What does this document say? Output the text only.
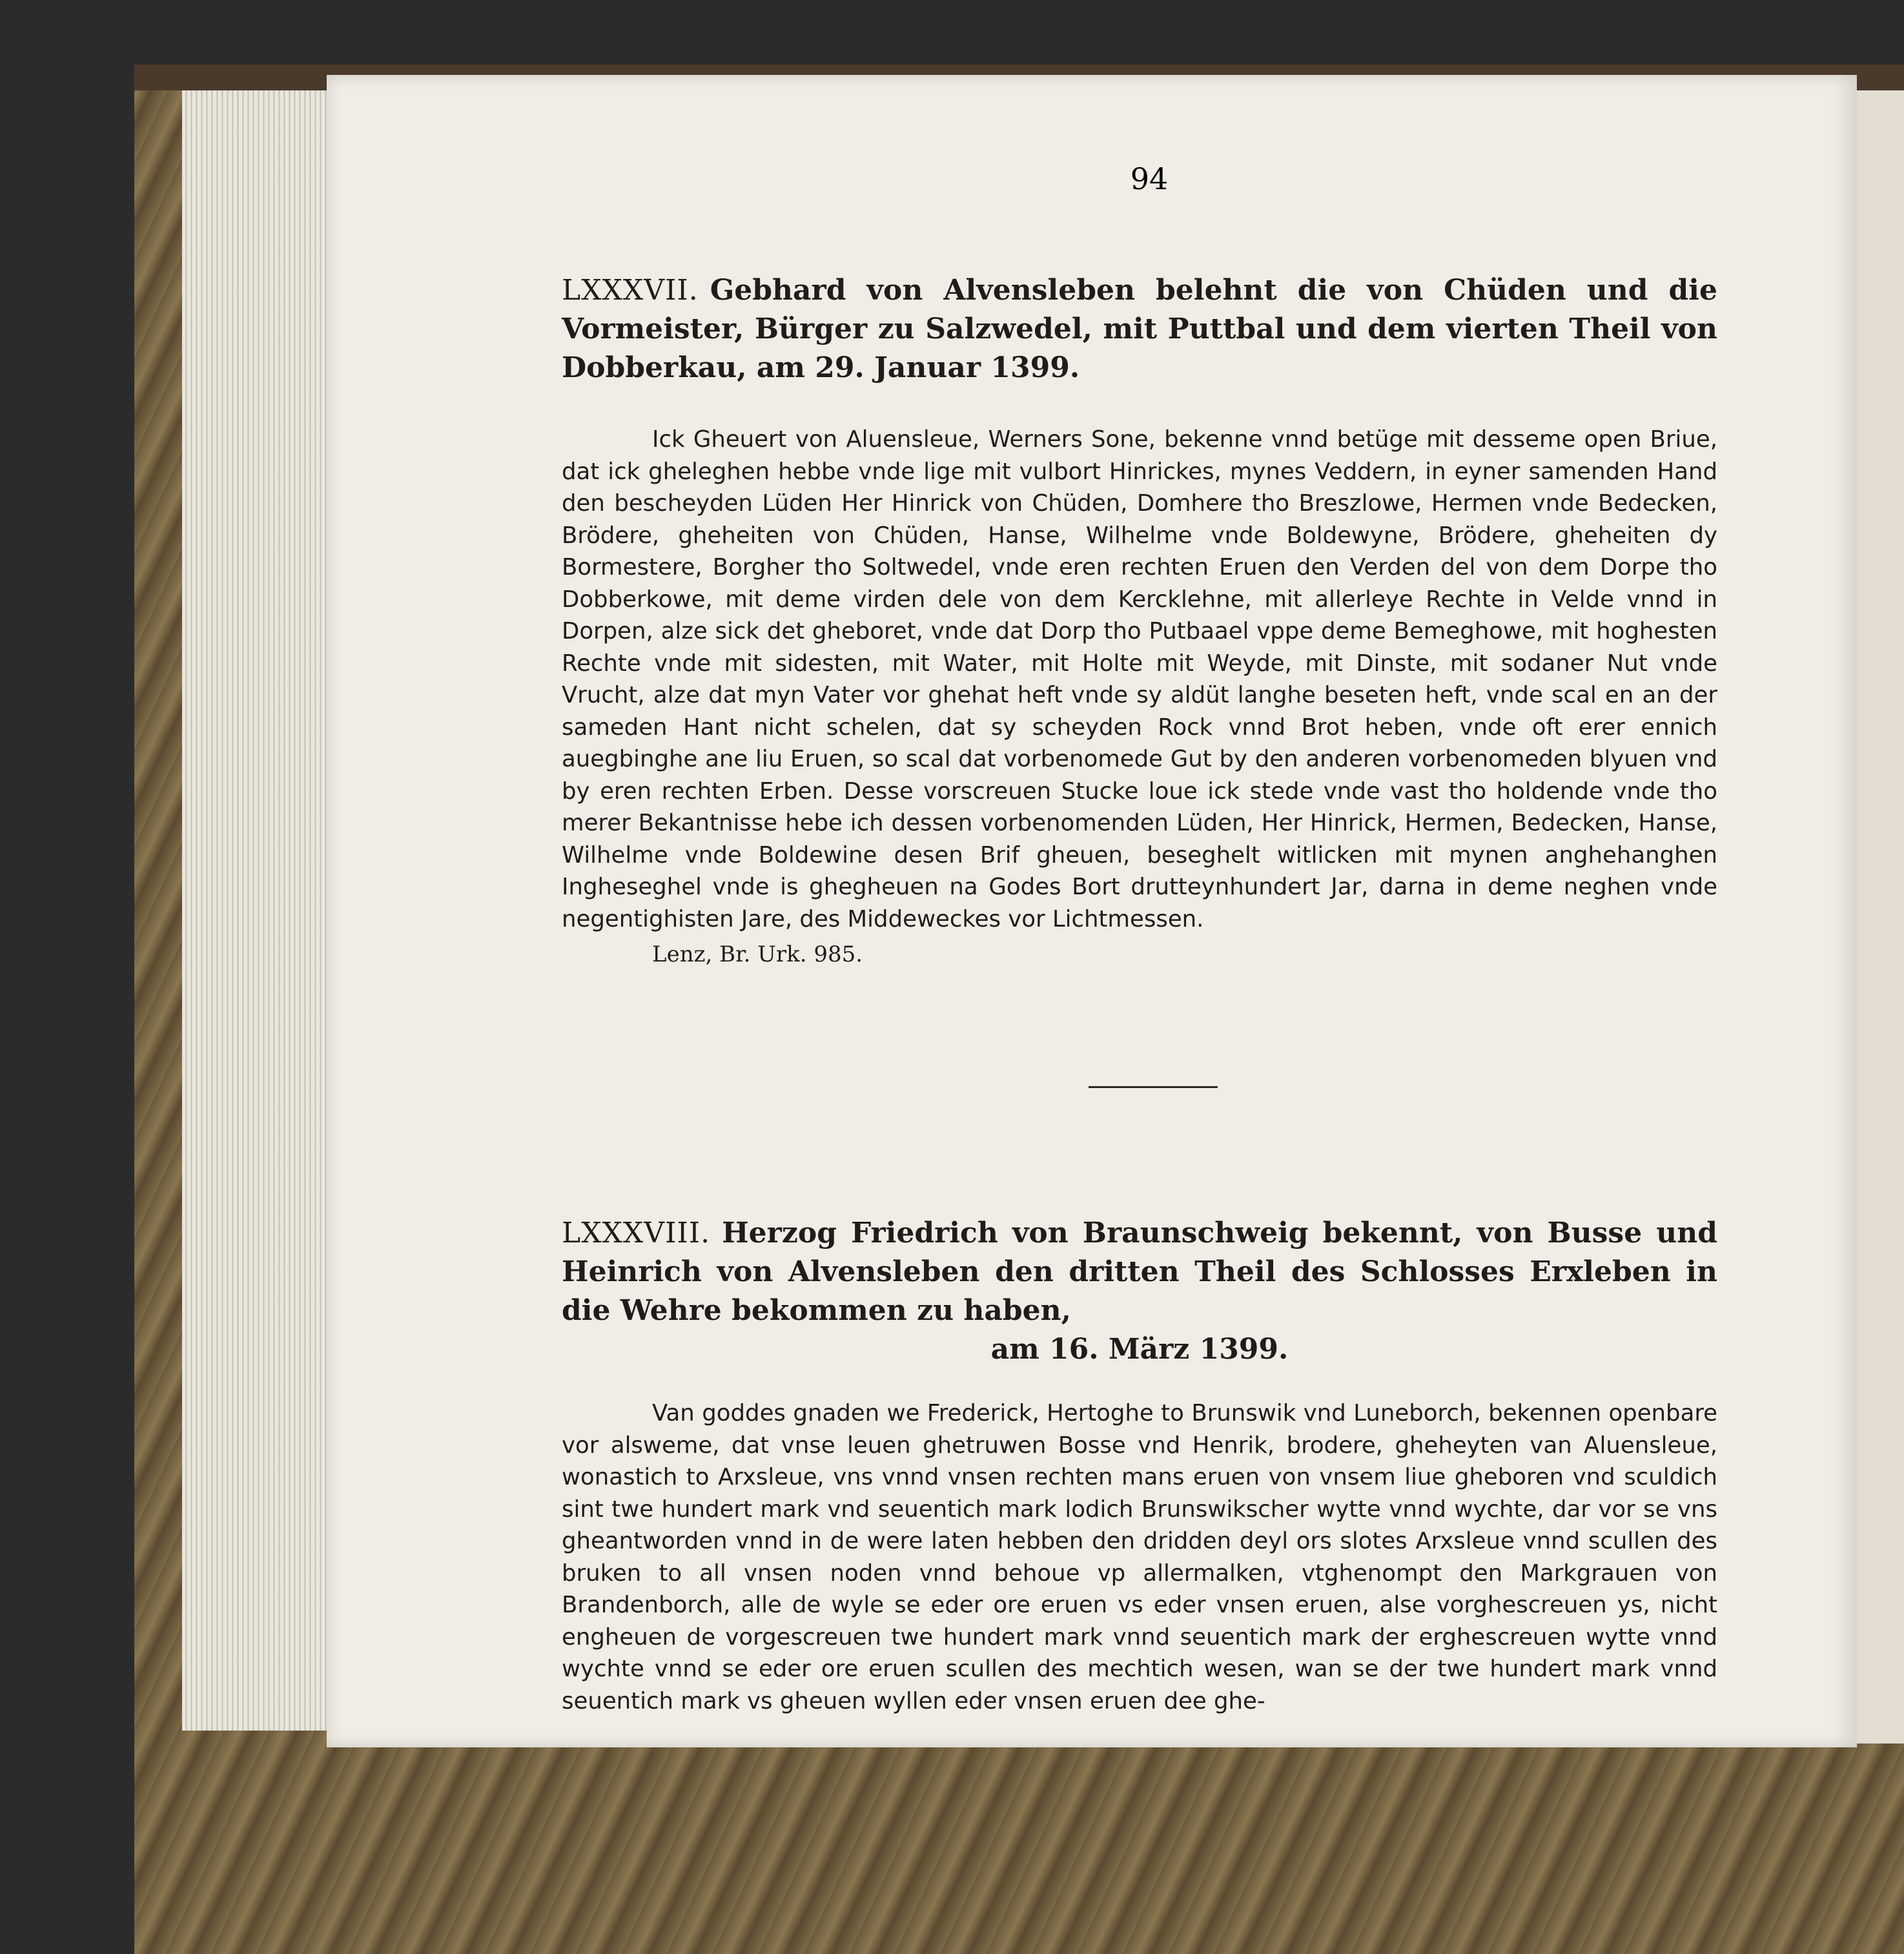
94
LXXXVII. Gebhard von Alvensleben belehnt die von Chüden und die Vormeister, Bürger zu Salzwedel, mit Puttbal und dem vierten Theil von Dobberkau, am 29. Januar 1399.
Ick Gheuert von Aluensleue, Werners Sone, bekenne vnnd betüge mit desseme open Briue, dat ick gheleghen hebbe vnde lige mit vulbort Hinrickes, mynes Veddern, in eyner samenden Hand den bescheyden Lüden Her Hinrick von Chüden, Domhere tho Breszlowe, Hermen vnde Bedecken, Brödere, gheheiten von Chüden, Hanse, Wilhelme vnde Boldewyne, Brödere, gheheiten dy Bormestere, Borgher tho Soltwedel, vnde eren rechten Eruen den Verden del von dem Dorpe tho Dobberkowe, mit deme virden dele von dem Kercklehne, mit allerleye Rechte in Velde vnnd in Dorpen, alze sick det gheboret, vnde dat Dorp tho Putbaael vppe deme Bemeghowe, mit hoghesten Rechte vnde mit sidesten, mit Water, mit Holte mit Weyde, mit Dinste, mit sodaner Nut vnde Vrucht, alze dat myn Vater vor ghehat heft vnde sy aldüt langhe beseten heft, vnde scal en an der sameden Hant nicht schelen, dat sy scheyden Rock vnnd Brot heben, vnde oft erer ennich auegbinghe ane liu Eruen, so scal dat vorbenomede Gut by den anderen vorbenomeden blyuen vnd by eren rechten Erben. Desse vorscreuen Stucke loue ick stede vnde vast tho holdende vnde tho merer Bekantnisse hebe ich dessen vorbenomenden Lüden, Her Hinrick, Hermen, Bedecken, Hanse, Wilhelme vnde Boldewine desen Brif gheuen, beseghelt witlicken mit mynen anghehanghen Ingheseghel vnde is ghegheuen na Godes Bort drutteynhundert Jar, darna in deme neghen vnde negentighisten Jare, des Middeweckes vor Lichtmessen.
Lenz, Br. Urk. 985.
LXXXVIII. Herzog Friedrich von Braunschweig bekennt, von Busse und Heinrich von Alvensleben den dritten Theil des Schlosses Erxleben in die Wehre bekommen zu haben,
am 16. März 1399.
Van goddes gnaden we Frederick, Hertoghe to Brunswik vnd Luneborch, bekennen openbare vor alsweme, dat vnse leuen ghetruwen Bosse vnd Henrik, brodere, gheheyten van Aluensleue, wonastich to Arxsleue, vns vnnd vnsen rechten mans eruen von vnsem liue gheboren vnd sculdich sint twe hundert mark vnd seuentich mark lodich Brunswikscher wytte vnnd wychte, dar vor se vns gheantworden vnnd in de were laten hebben den dridden deyl ors slotes Arxsleue vnnd scullen des bruken to all vnsen noden vnnd behoue vp allermalken, vtghenompt den Markgrauen von Brandenborch, alle de wyle se eder ore eruen vs eder vnsen eruen, alse vorghescreuen ys, nicht engheuen de vorgescreuen twe hundert mark vnnd seuentich mark der erghescreuen wytte vnnd wychte vnnd se eder ore eruen scullen des mechtich wesen, wan se der twe hundert mark vnnd seuentich mark vs gheuen wyllen eder vnsen eruen dee ghe-
